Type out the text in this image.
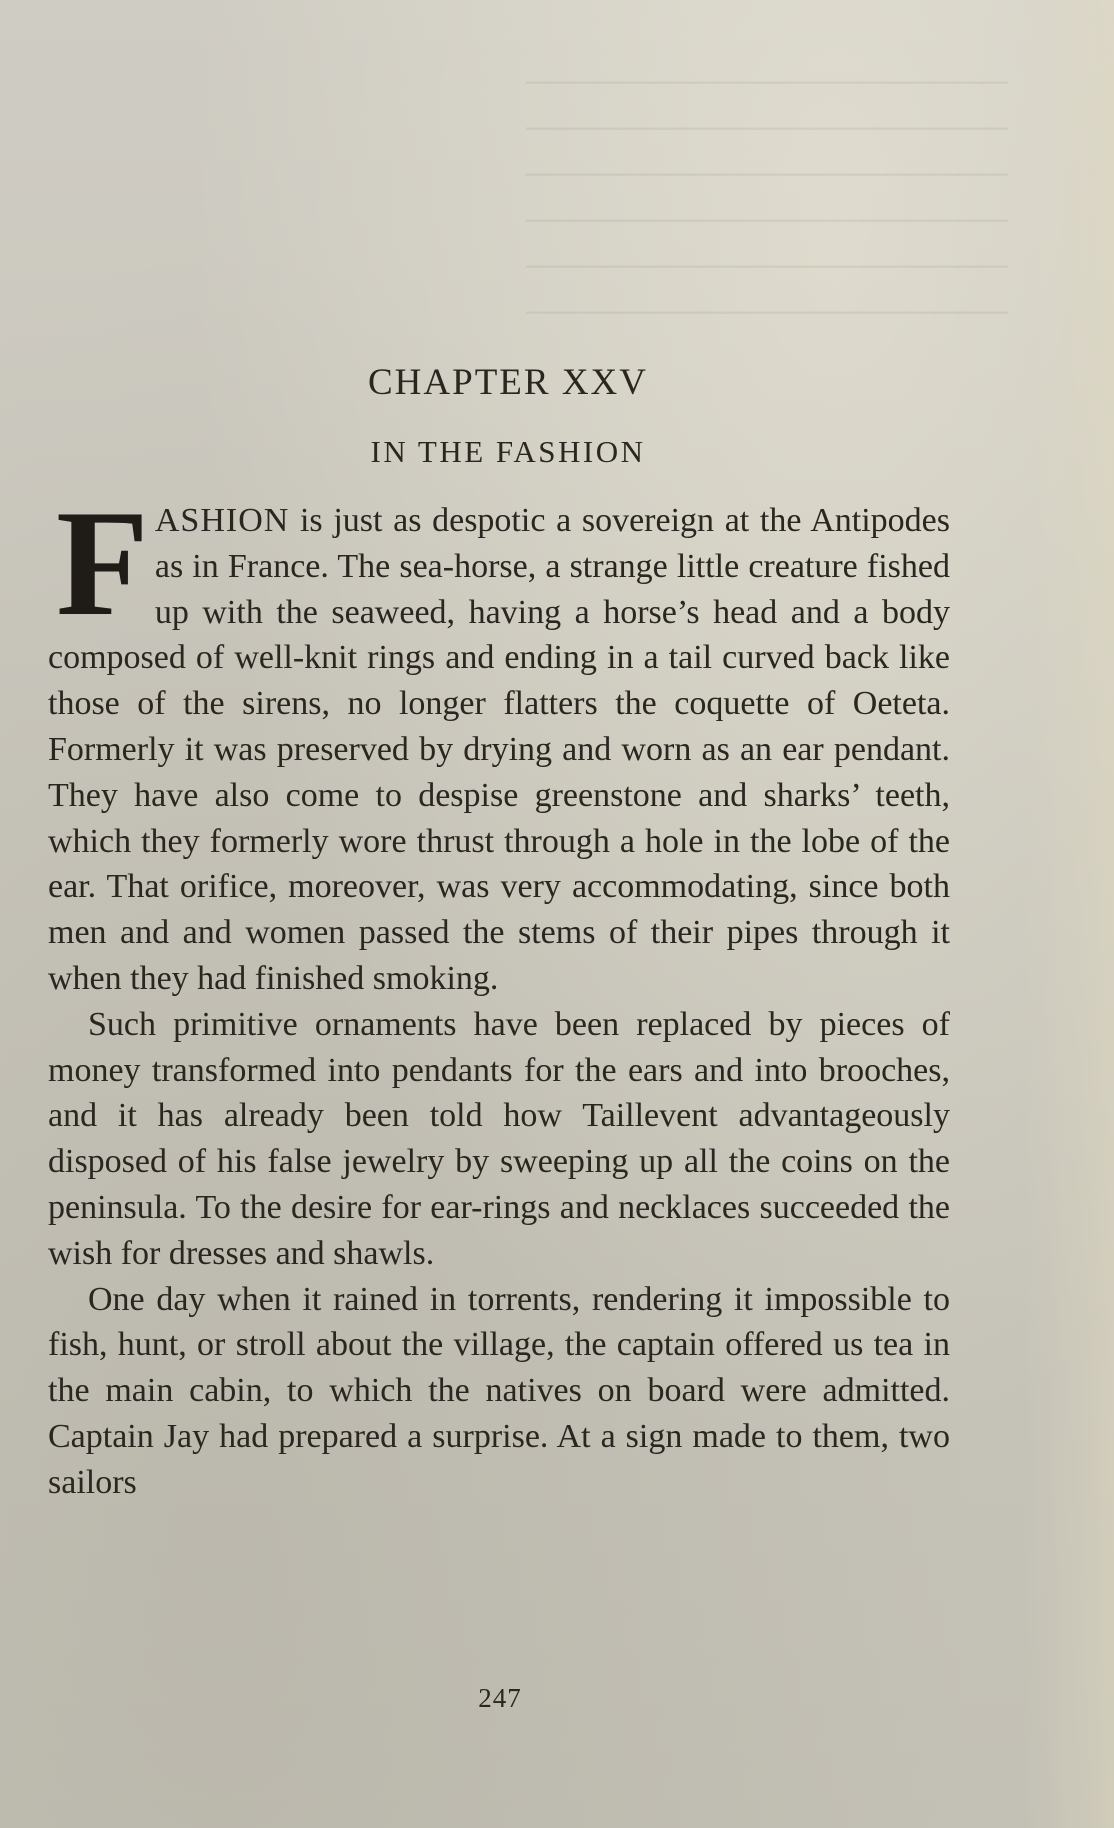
────────────────────
────────────────────
────────────────────
────────────────────
────────────────────
────────────────────
CHAPTER XXV
IN THE FASHION

FASHION is just as despotic a sovereign at the Antipodes as in France. The sea-horse, a strange little creature fished up with the seaweed, having a horse’s head and a body composed of well-knit rings and ending in a tail curved back like those of the sirens, no longer flatters the coquette of Oeteta. Formerly it was preserved by drying and worn as an ear pendant. They have also come to despise greenstone and sharks’ teeth, which they formerly wore thrust through a hole in the lobe of the ear. That orifice, moreover, was very accommodating, since both men and and women passed the stems of their pipes through it when they had finished smoking.

Such primitive ornaments have been replaced by pieces of money transformed into pendants for the ears and into brooches, and it has already been told how Taillevent advantageously disposed of his false jewelry by sweeping up all the coins on the peninsula. To the desire for ear-rings and necklaces succeeded the wish for dresses and shawls.

One day when it rained in torrents, rendering it impossible to fish, hunt, or stroll about the village, the captain offered us tea in the main cabin, to which the natives on board were admitted. Captain Jay had prepared a surprise. At a sign made to them, two sailors

247
